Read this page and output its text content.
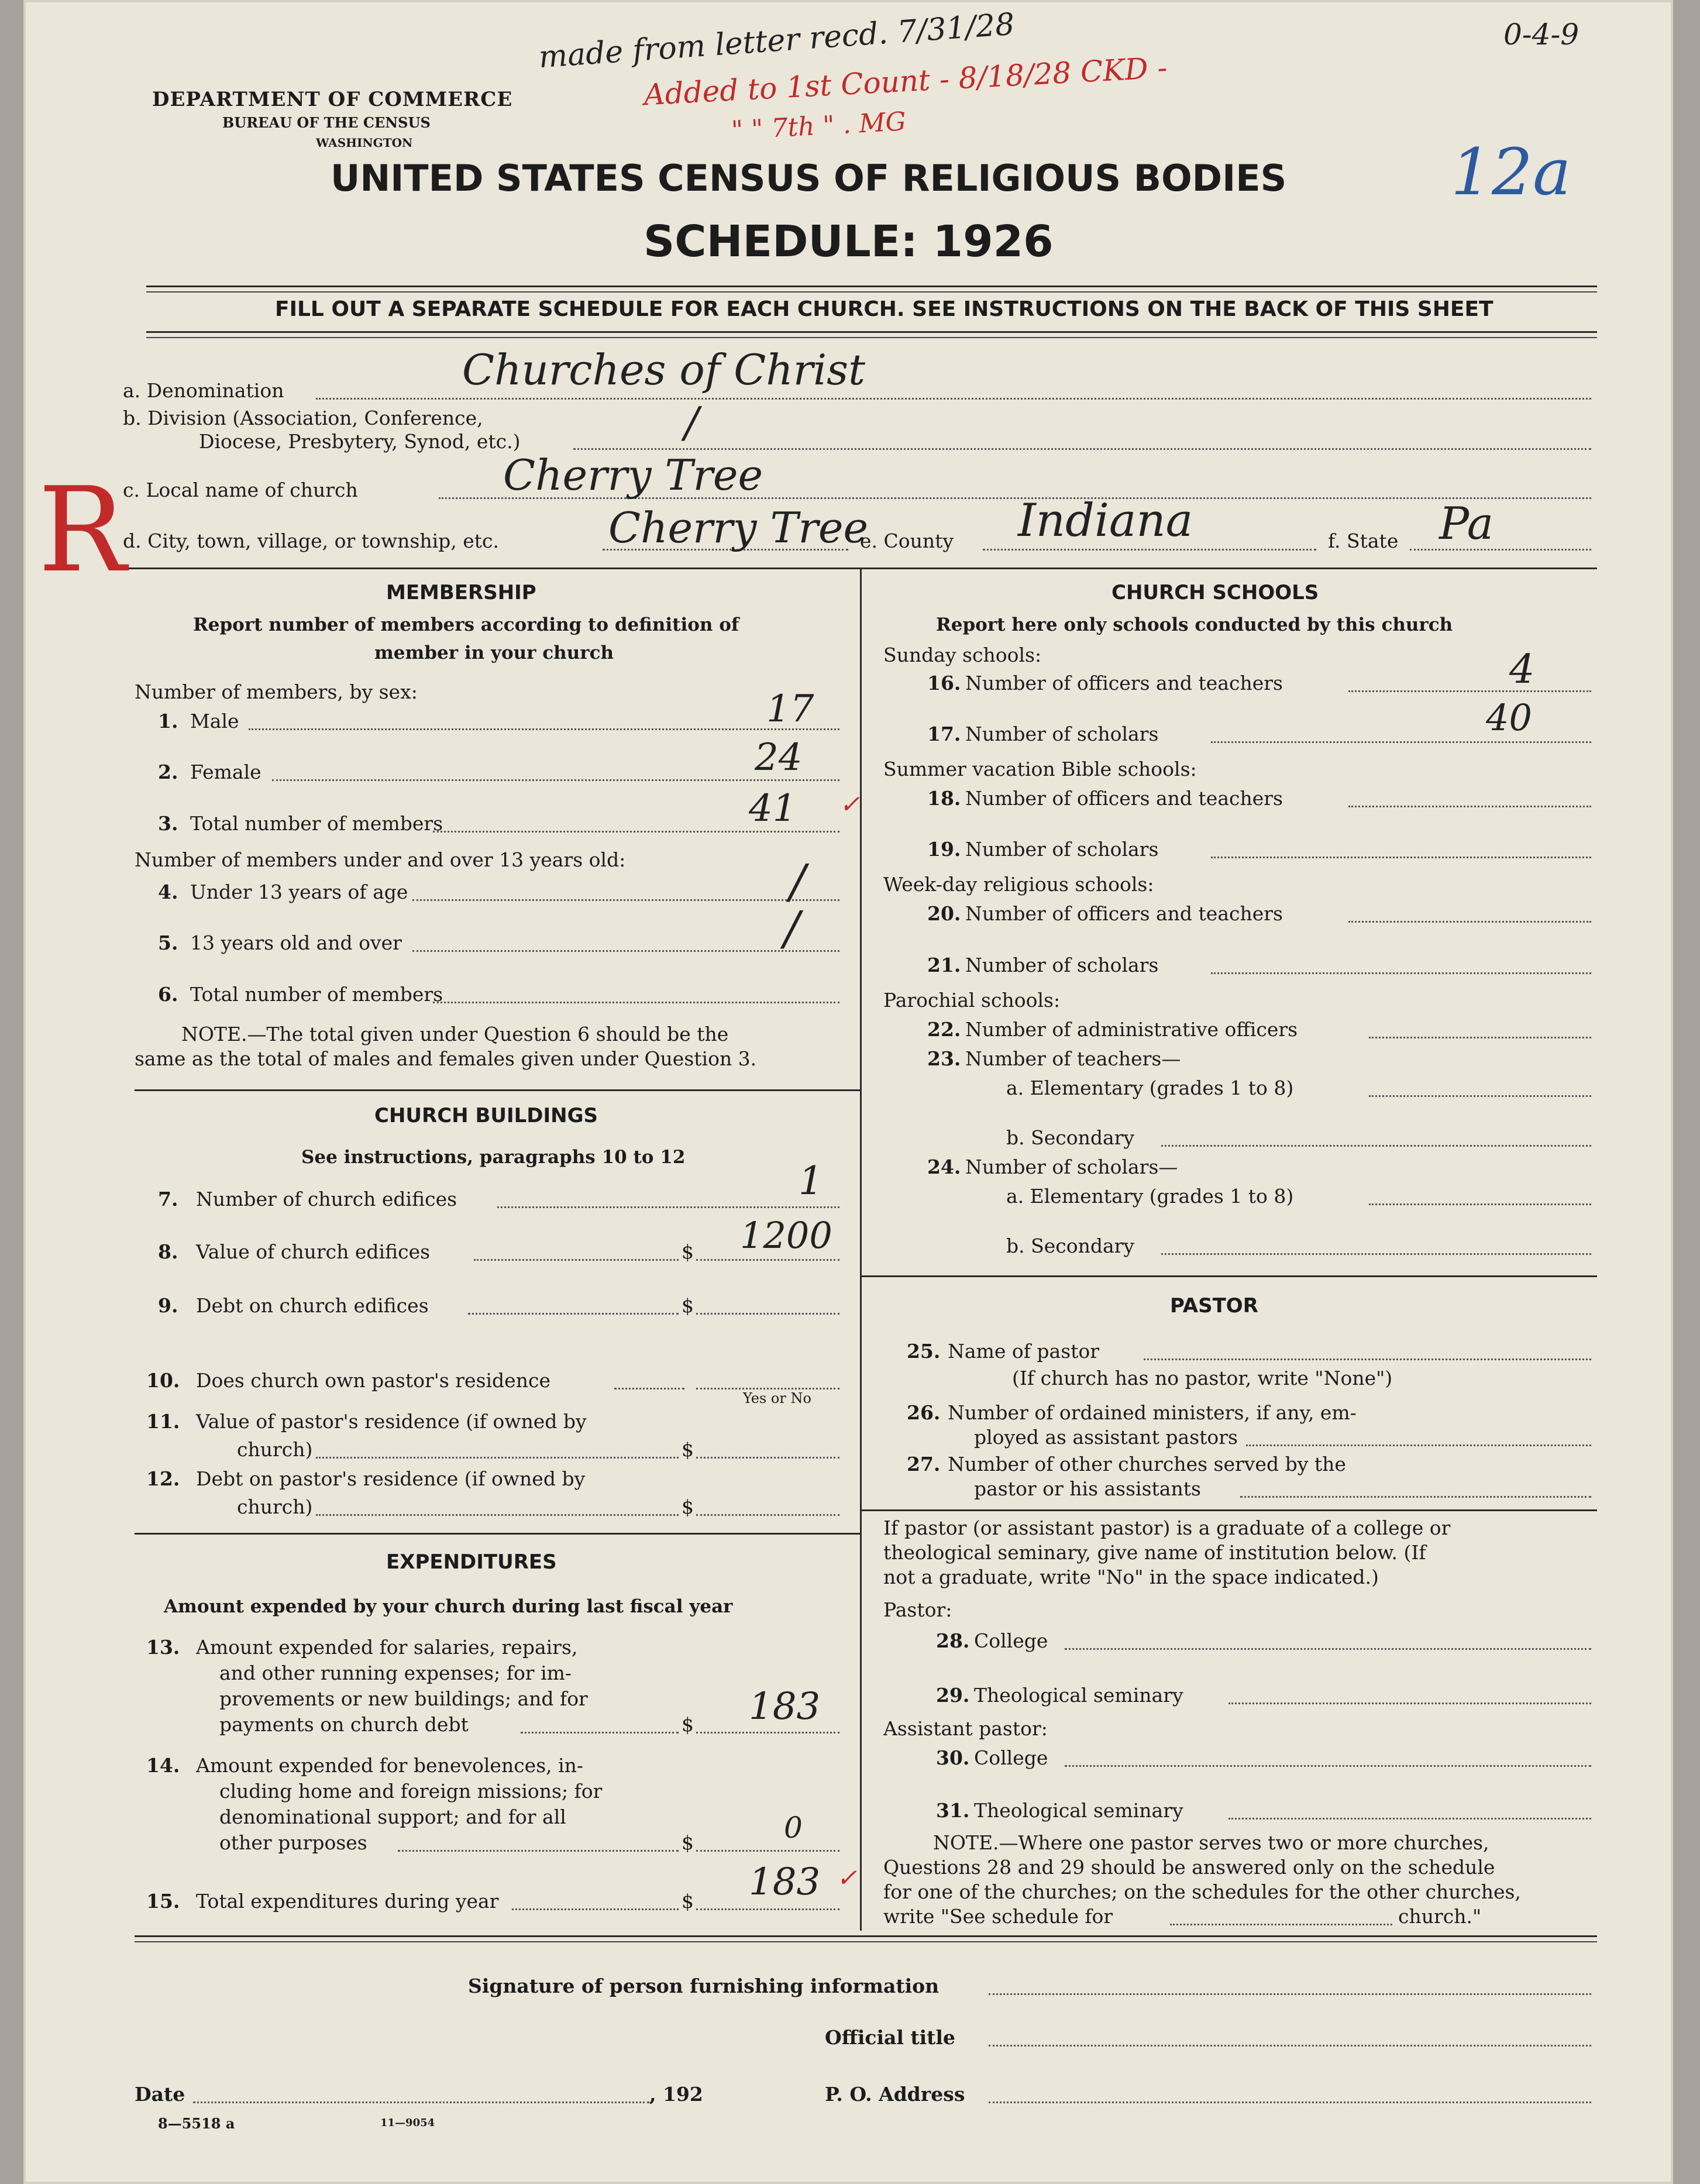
made from letter recd. 7/31/28
Added to 1st Count - 8/18/28 CKD -
" " 7th " . MG
0-4-9
12a
R
DEPARTMENT OF COMMERCE
BUREAU OF THE CENSUS
WASHINGTON
UNITED STATES CENSUS OF RELIGIOUS BODIES
SCHEDULE: 1926
FILL OUT A SEPARATE SCHEDULE FOR EACH CHURCH. SEE INSTRUCTIONS ON THE BACK OF THIS SHEET
a. Denomination	Churches of Christ
b. Division (Association, Conference,
Diocese, Presbytery, Synod, etc.)	/
c. Local name of church	Cherry Tree
d. City, town, village, or township, etc.	Cherry Tree
e. County Indiana	f. State Pa
MEMBERSHIP
Report number of members according to definition of
member in your church
Number of members, by sex:
1. Male	17
2. Female	24
3. Total number of members	41 ✓
Number of members under and over 13 years old:
4. Under 13 years of age	/
5. 13 years old and over	/
6. Total number of members
NOTE.—The total given under Question 6 should be the
same as the total of males and females given under Question 3.
CHURCH BUILDINGS
See instructions, paragraphs 10 to 12
7. Number of church edifices	1
8. Value of church edifices	$ 1200
9. Debt on church edifices	$
10. Does church own pastor's residence
Yes or No
11. Value of pastor's residence (if owned by
church)	$
12. Debt on pastor's residence (if owned by
church)	$
EXPENDITURES
Amount expended by your church during last fiscal year
13. Amount expended for salaries, repairs,
and other running expenses; for im-
provements or new buildings; and for
payments on church debt	$ 183
14. Amount expended for benevolences, in-
cluding home and foreign missions; for
denominational support; and for all
other purposes	$	0
15. Total expenditures during year	$ 183 ✓
CHURCH SCHOOLS
Report here only schools conducted by this church
Sunday schools:
16. Number of officers and teachers	4
17. Number of scholars	40
Summer vacation Bible schools:
18. Number of officers and teachers
19. Number of scholars
Week-day religious schools:
20. Number of officers and teachers
21. Number of scholars
Parochial schools:
22. Number of administrative officers
23. Number of teachers—
a. Elementary (grades 1 to 8)
b. Secondary
24. Number of scholars—
a. Elementary (grades 1 to 8)
b. Secondary
PASTOR
25. Name of pastor
(If church has no pastor, write "None")
26. Number of ordained ministers, if any, em-
ployed as assistant pastors
27. Number of other churches served by the
pastor or his assistants
If pastor (or assistant pastor) is a graduate of a college or
theological seminary, give name of institution below. (If
not a graduate, write "No" in the space indicated.)
Pastor:
28. College
29. Theological seminary
Assistant pastor:
30. College
31. Theological seminary
NOTE.—Where one pastor serves two or more churches,
Questions 28 and 29 should be answered only on the schedule
for one of the churches; on the schedules for the other churches,
write "See schedule for	church."
Signature of person furnishing information
Official title
Date	, 192	P. O. Address
8—5518 a	11—9054
